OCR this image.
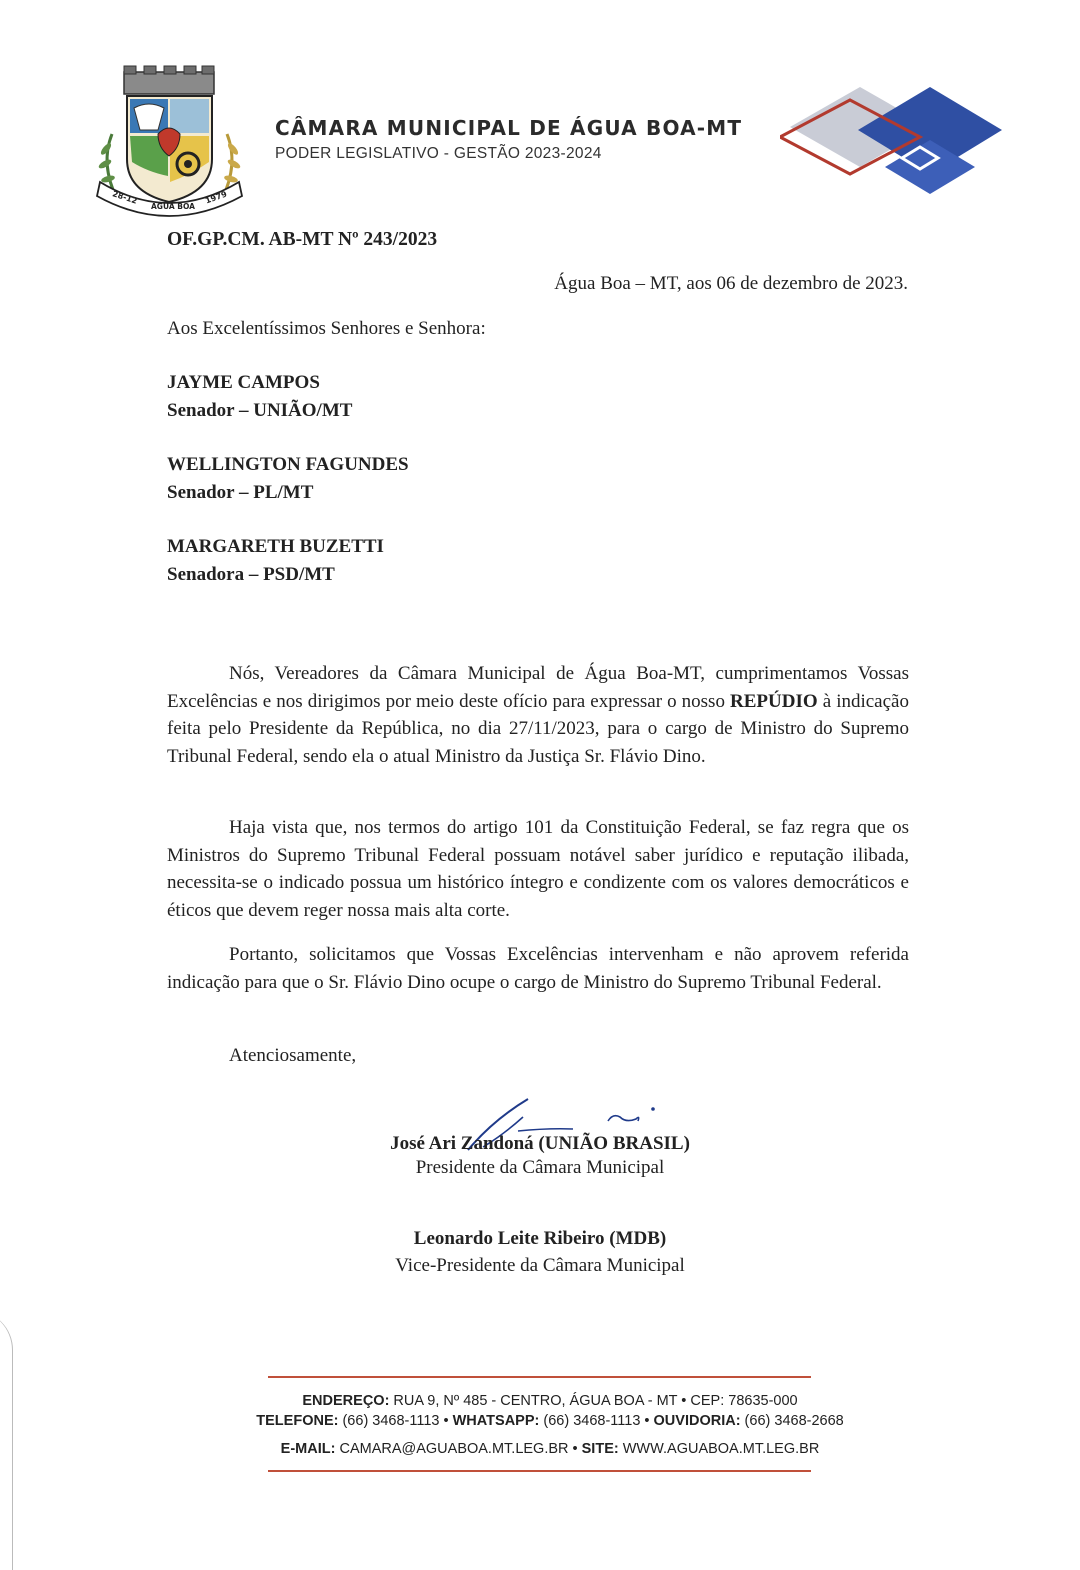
28-12
ÁGUA BOA
1979
CÂMARA MUNICIPAL DE ÁGUA BOA-MT
PODER LEGISLATIVO - GESTÃO 2023-2024
OF.GP.CM. AB-MT Nº 243/2023
Água Boa – MT, aos 06 de dezembro de 2023.
Aos Excelentíssimos Senhores e Senhora:
JAYME CAMPOS
Senador – UNIÃO/MT
WELLINGTON FAGUNDES
Senador – PL/MT
MARGARETH BUZETTI
Senadora – PSD/MT
Nós, Vereadores da Câmara Municipal de Água Boa-MT, cumprimentamos Vossas Excelências e nos dirigimos por meio deste ofício para expressar o nosso REPÚDIO à indicação feita pelo Presidente da República, no dia 27/11/2023, para o cargo de Ministro do Supremo Tribunal Federal, sendo ela o atual Ministro da Justiça Sr. Flávio Dino.
Haja vista que, nos termos do artigo 101 da Constituição Federal, se faz regra que os Ministros do Supremo Tribunal Federal possuam notável saber jurídico e reputação ilibada, necessita-se o indicado possua um histórico íntegro e condizente com os valores democráticos e éticos que devem reger nossa mais alta corte.
Portanto, solicitamos que Vossas Excelências intervenham e não aprovem referida indicação para que o Sr. Flávio Dino ocupe o cargo de Ministro do Supremo Tribunal Federal.
Atenciosamente,
José Ari Zandoná (UNIÃO BRASIL)
Presidente da Câmara Municipal
Leonardo Leite Ribeiro (MDB)
Vice-Presidente da Câmara Municipal
ENDEREÇO: RUA 9, Nº 485 - CENTRO, ÁGUA BOA - MT • CEP: 78635-000
TELEFONE: (66) 3468-1113 • WHATSAPP: (66) 3468-1113 • OUVIDORIA: (66) 3468-2668
E-MAIL: CAMARA@AGUABOA.MT.LEG.BR • SITE: WWW.AGUABOA.MT.LEG.BR
